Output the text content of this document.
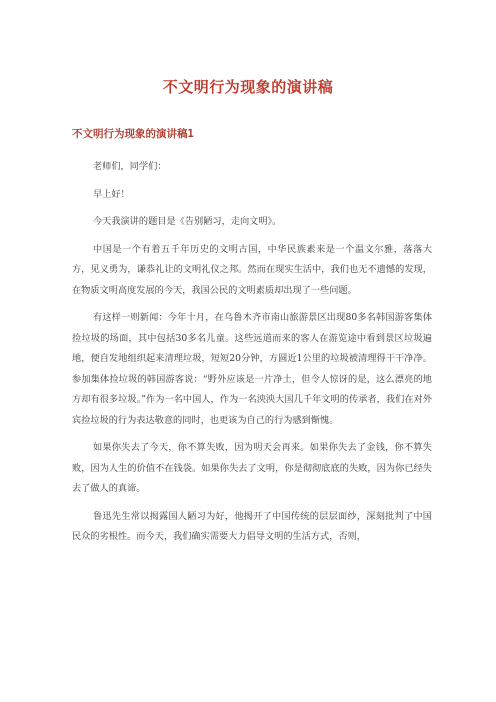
不文明行为现象的演讲稿
不文明行为现象的演讲稿1

老师们，同学们：

早上好！

今天我演讲的题目是《告别陋习，走向文明》。

中国是一个有着五千年历史的文明古国，中华民族素来是一个温文尔雅，落落大方，见义勇为，谦恭礼让的文明礼仪之邦。然而在现实生活中，我们也无不遗憾的发现，在物质文明高度发展的今天，我国公民的文明素质却出现了一些问题。

有这样一则新闻：今年十月，在乌鲁木齐市南山旅游景区出现80多名韩国游客集体捡垃圾的场面，其中包括30多名儿童。这些远道而来的客人在游览途中看到景区垃圾遍地，便自发地组织起来清理垃圾，短短20分钟，方圆近1公里的垃圾被清理得干干净净。参加集体捡垃圾的韩国游客说：“野外应该是一片净土，但令人惊讶的是，这么漂亮的地方却有很多垃圾。”作为一名中国人，作为一名泱泱大国几千年文明的传承者，我们在对外宾捡垃圾的行为表达敬意的同时，也更该为自己的行为感到惭愧。

如果你失去了今天，你不算失败，因为明天会再来。如果你失去了金钱，你不算失败，因为人生的价值不在钱袋。如果你失去了文明，你是彻彻底底的失败，因为你已经失去了做人的真谛。

鲁迅先生常以揭露国人陋习为好，他揭开了中国传统的层层面纱，深刻批判了中国民众的劣根性。而今天，我们确实需要大力倡导文明的生活方式，否则，
